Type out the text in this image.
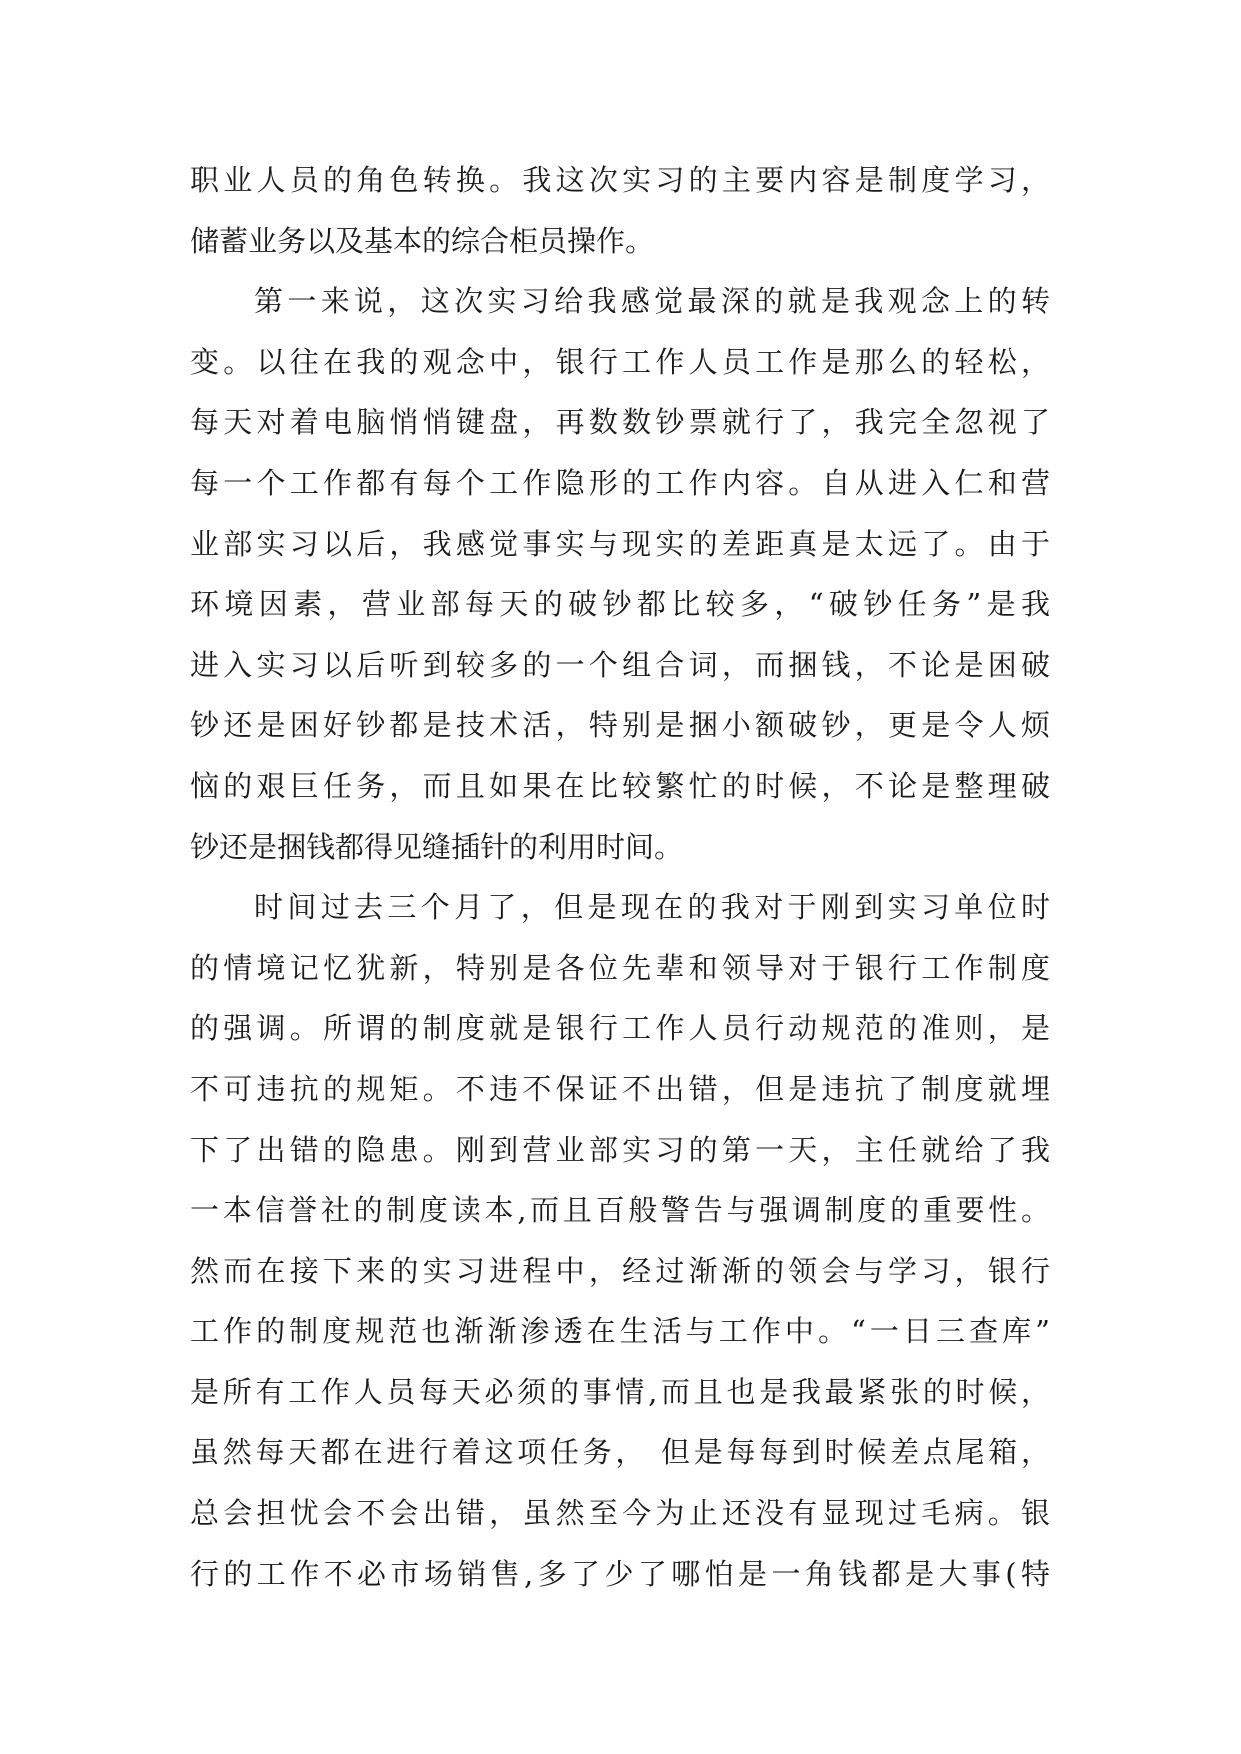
职业人员的角色转换。我这次实习的主要内容是制度学习，
储蓄业务以及基本的综合柜员操作。
第一来说，这次实习给我感觉最深的就是我观念上的转
变。以往在我的观念中，银行工作人员工作是那么的轻松，
每天对着电脑悄悄键盘，再数数钞票就行了，我完全忽视了
每一个工作都有每个工作隐形的工作内容。自从进入仁和营
业部实习以后，我感觉事实与现实的差距真是太远了。由于
环境因素，营业部每天的破钞都比较多，“破钞任务”是我
进入实习以后听到较多的一个组合词，而捆钱，不论是困破
钞还是困好钞都是技术活，特别是捆小额破钞，更是令人烦
恼的艰巨任务，而且如果在比较繁忙的时候，不论是整理破
钞还是捆钱都得见缝插针的利用时间。
时间过去三个月了，但是现在的我对于刚到实习单位时
的情境记忆犹新，特别是各位先辈和领导对于银行工作制度
的强调。所谓的制度就是银行工作人员行动规范的准则，是
不可违抗的规矩。不违不保证不出错，但是违抗了制度就埋
下了出错的隐患。刚到营业部实习的第一天，主任就给了我
一本信誉社的制度读本,而且百般警告与强调制度的重要性。
然而在接下来的实习进程中，经过渐渐的领会与学习，银行
工作的制度规范也渐渐渗透在生活与工作中。“一日三查库”
是所有工作人员每天必须的事情,而且也是我最紧张的时候，
虽然每天都在进行着这项任务， 但是每每到时候差点尾箱，
总会担忧会不会出错，虽然至今为止还没有显现过毛病。银
行的工作不必市场销售,多了少了哪怕是一角钱都是大事(特
